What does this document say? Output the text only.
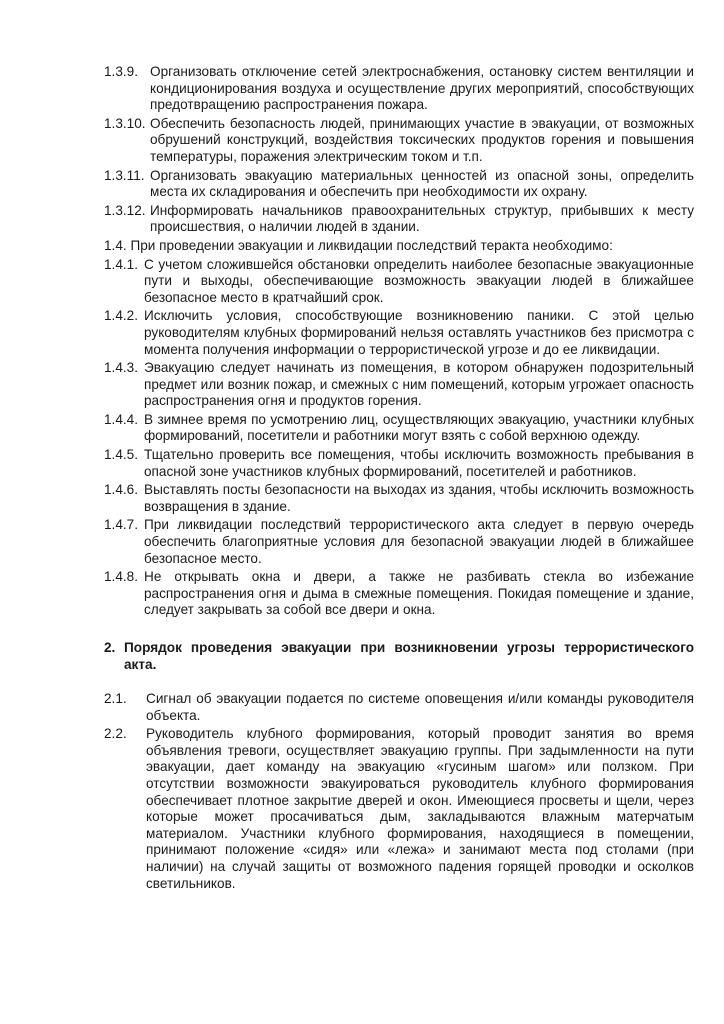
1.3.9. Организовать отключение сетей электроснабжения, остановку систем вентиляции и кондиционирования воздуха и осуществление других мероприятий, способствующих предотвращению распространения пожара.
1.3.10. Обеспечить безопасность людей, принимающих участие в эвакуации, от возможных обрушений конструкций, воздействия токсических продуктов горения и повышения температуры, поражения электрическим током и т.п.
1.3.11. Организовать эвакуацию материальных ценностей из опасной зоны, определить места их складирования и обеспечить при необходимости их охрану.
1.3.12. Информировать начальников правоохранительных структур, прибывших к месту происшествия, о наличии людей в здании.
1.4. При проведении эвакуации и ликвидации последствий теракта необходимо:
1.4.1. С учетом сложившейся обстановки определить наиболее безопасные эвакуационные пути и выходы, обеспечивающие возможность эвакуации людей в ближайшее безопасное место в кратчайший срок.
1.4.2. Исключить условия, способствующие возникновению паники. С этой целью руководителям клубных формирований нельзя оставлять участников без присмотра с момента получения информации о террористической угрозе и до ее ликвидации.
1.4.3. Эвакуацию следует начинать из помещения, в котором обнаружен подозрительный предмет или возник пожар, и смежных с ним помещений, которым угрожает опасность распространения огня и продуктов горения.
1.4.4. В зимнее время по усмотрению лиц, осуществляющих эвакуацию, участники клубных формирований, посетители и работники могут взять с собой верхнюю одежду.
1.4.5. Тщательно проверить все помещения, чтобы исключить возможность пребывания в опасной зоне участников клубных формирований, посетителей и работников.
1.4.6. Выставлять посты безопасности на выходах из здания, чтобы исключить возможность возвращения в здание.
1.4.7. При ликвидации последствий террористического акта следует в первую очередь обеспечить благоприятные условия для безопасной эвакуации людей в ближайшее безопасное место.
1.4.8. Не открывать окна и двери, а также не разбивать стекла во избежание распространения огня и дыма в смежные помещения. Покидая помещение и здание, следует закрывать за собой все двери и окна.
2. Порядок проведения эвакуации при возникновении угрозы террористического акта.
2.1.	Сигнал об эвакуации подается по системе оповещения и/или команды руководителя объекта.
2.2.	Руководитель клубного формирования, который проводит занятия во время объявления тревоги, осуществляет эвакуацию группы. При задымленности на пути эвакуации, дает команду на эвакуацию «гусиным шагом» или ползком. При отсутствии возможности эвакуироваться руководитель клубного формирования обеспечивает плотное закрытие дверей и окон. Имеющиеся просветы и щели, через которые может просачиваться дым, закладываются влажным матерчатым материалом. Участники клубного формирования, находящиеся в помещении, принимают положение «сидя» или «лежа» и занимают места под столами (при наличии) на случай защиты от возможного падения горящей проводки и осколков светильников.
